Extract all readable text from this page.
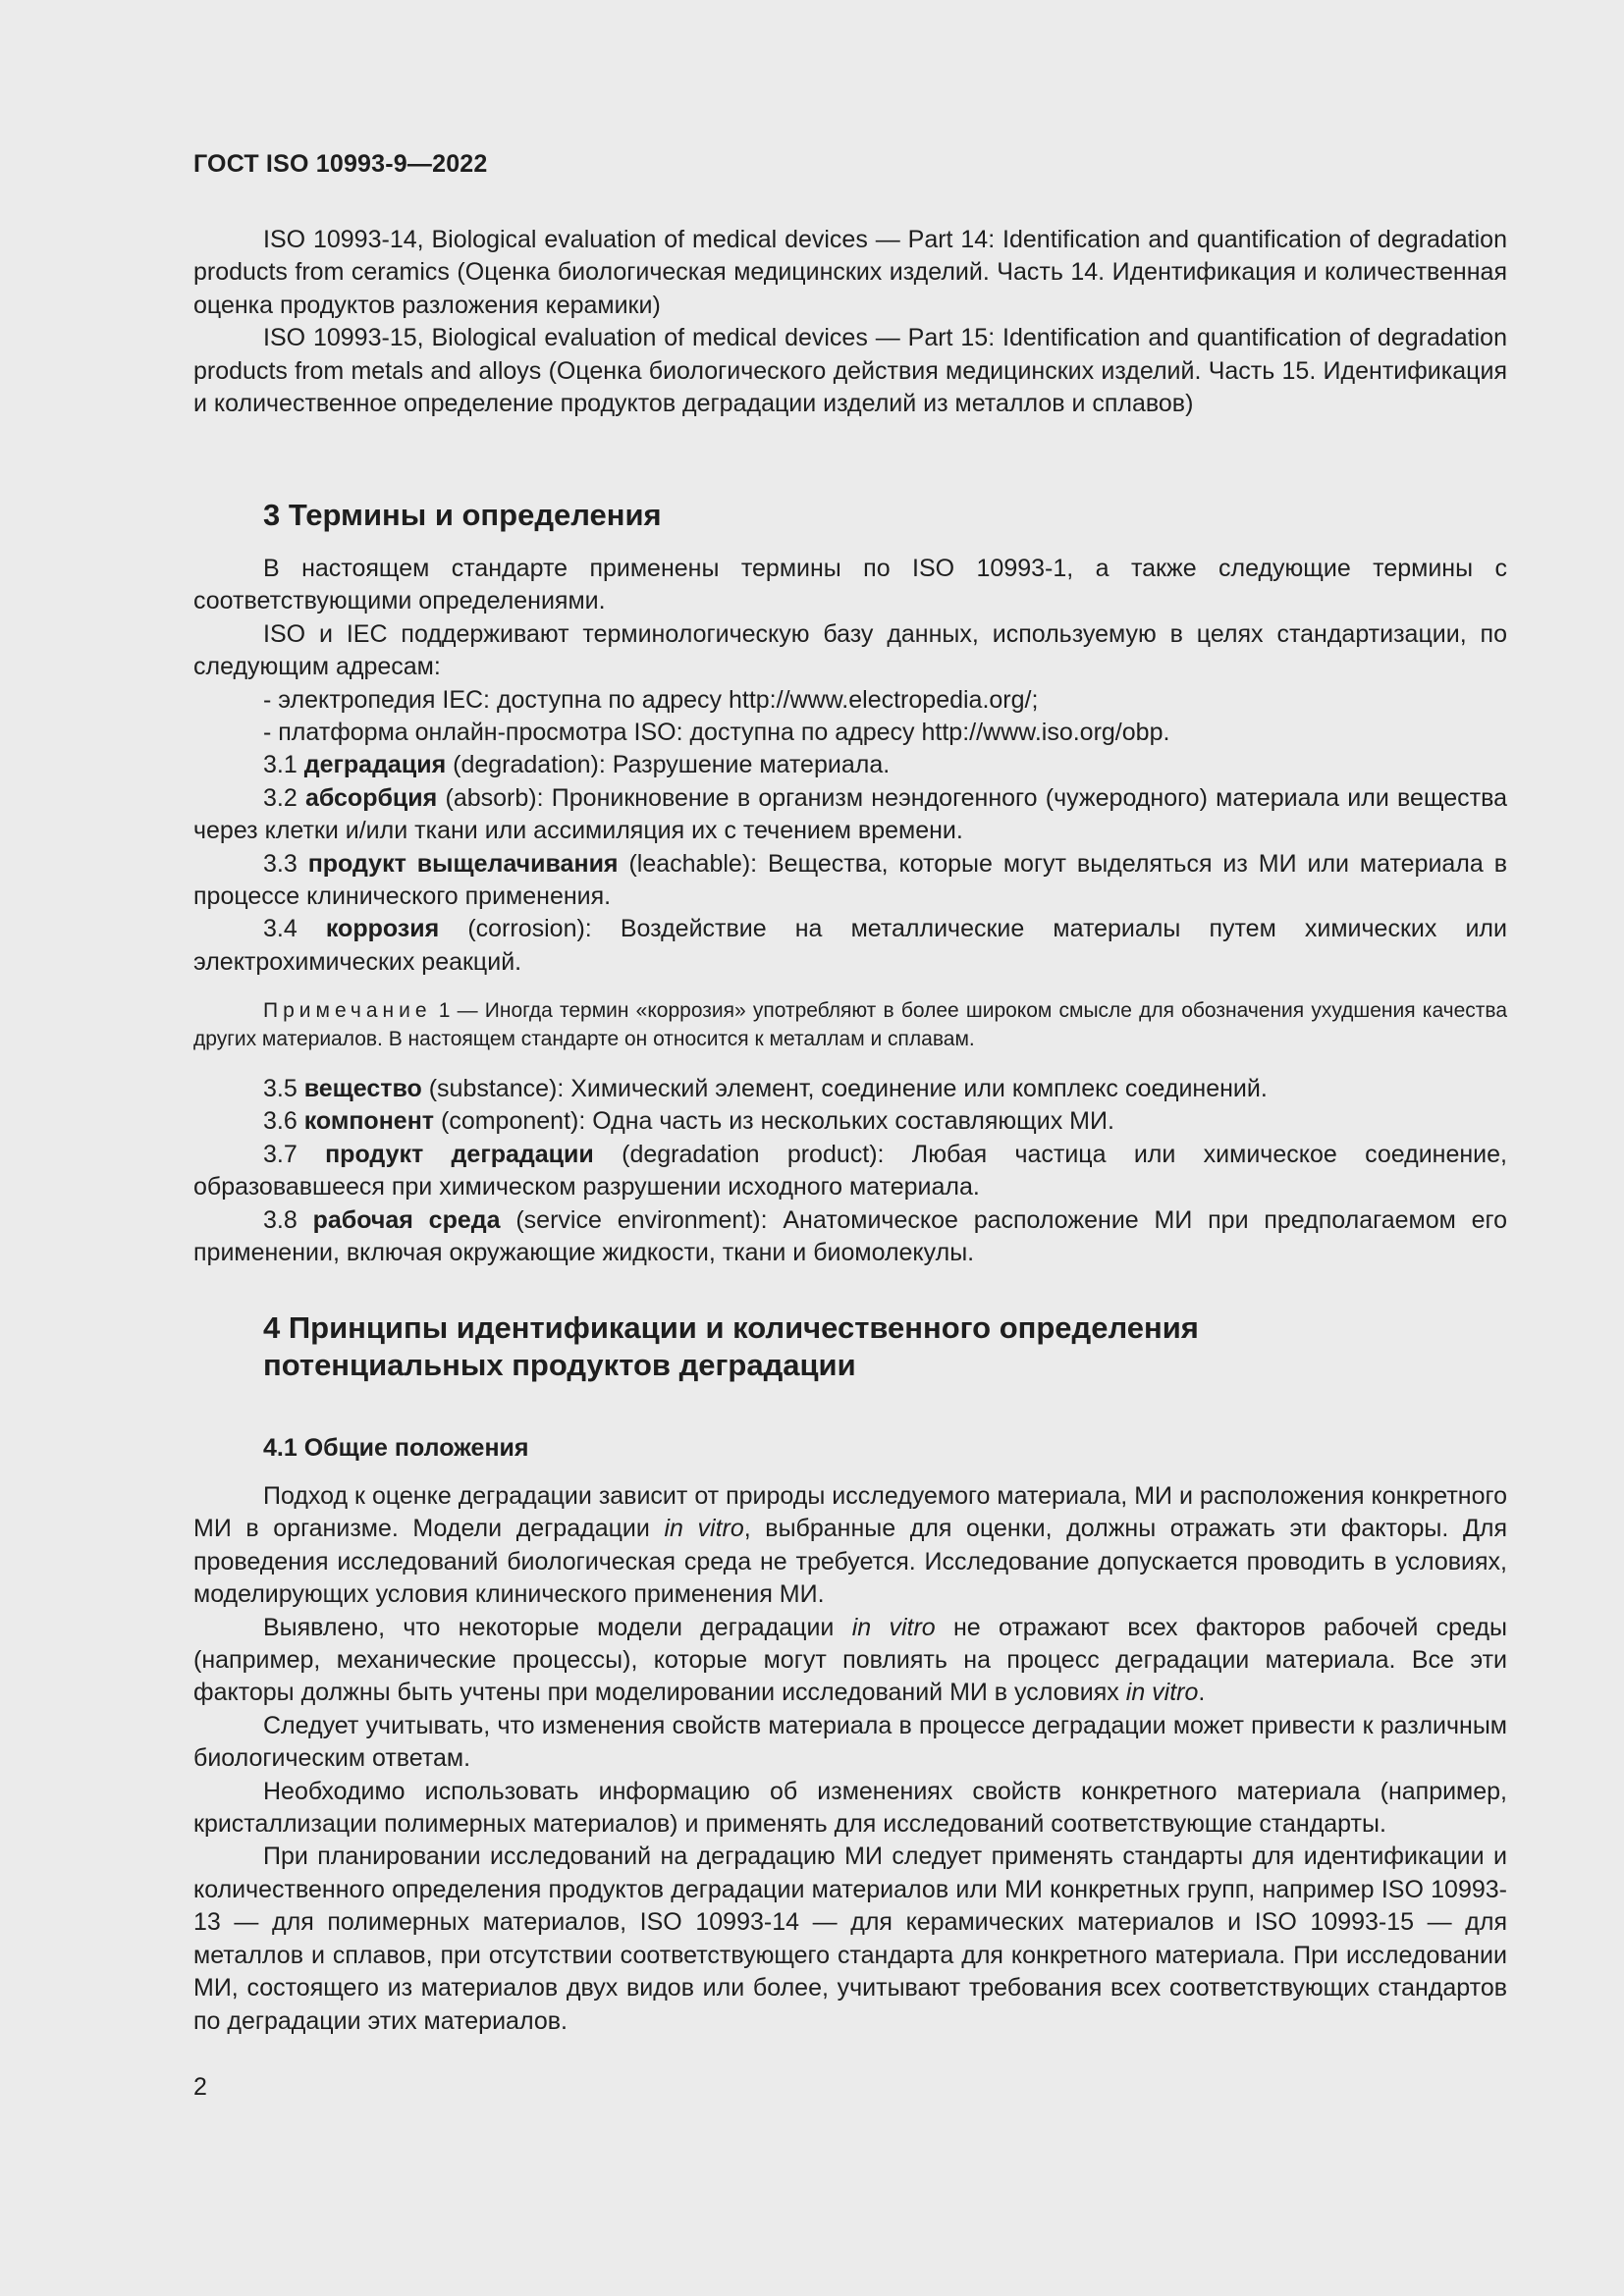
ГОСТ ISO 10993-9—2022

ISO 10993-14, Biological evaluation of medical devices — Part 14: Identification and quantification of degradation products from ceramics (Оценка биологическая медицинских изделий. Часть 14. Идентификация и количественная оценка продуктов разложения керамики)

ISO 10993-15, Biological evaluation of medical devices — Part 15: Identification and quantification of degradation products from metals and alloys (Оценка биологического действия медицинских изделий. Часть 15. Идентификация и количественное определение продуктов деградации изделий из металлов и сплавов)

3 Термины и определения

В настоящем стандарте применены термины по ISO 10993-1, а также следующие термины с соответствующими определениями.

ISO и IEC поддерживают терминологическую базу данных, используемую в целях стандартизации, по следующим адресам:

- электропедия IEC: доступна по адресу http://www.electropedia.org/;

- платформа онлайн-просмотра ISO: доступна по адресу http://www.iso.org/obp.

3.1 деградация (degradation): Разрушение материала.

3.2 абсорбция (absorb): Проникновение в организм неэндогенного (чужеродного) материала или вещества через клетки и/или ткани или ассимиляция их с течением времени.

3.3 продукт выщелачивания (leachable): Вещества, которые могут выделяться из МИ или материала в процессе клинического применения.

3.4 коррозия (corrosion): Воздействие на металлические материалы путем химических или электрохимических реакций.

Примечание 1 — Иногда термин «коррозия» употребляют в более широком смысле для обозначения ухудшения качества других материалов. В настоящем стандарте он относится к металлам и сплавам.

3.5 вещество (substance): Химический элемент, соединение или комплекс соединений.

3.6 компонент (component): Одна часть из нескольких составляющих МИ.

3.7 продукт деградации (degradation product): Любая частица или химическое соединение, образовавшееся при химическом разрушении исходного материала.

3.8 рабочая среда (service environment): Анатомическое расположение МИ при предполагаемом его применении, включая окружающие жидкости, ткани и биомолекулы.

4 Принципы идентификации и количественного определения
потенциальных продуктов деградации
4.1 Общие положения

Подход к оценке деградации зависит от природы исследуемого материала, МИ и расположения конкретного МИ в организме. Модели деградации in vitro, выбранные для оценки, должны отражать эти факторы. Для проведения исследований биологическая среда не требуется. Исследование допускается проводить в условиях, моделирующих условия клинического применения МИ.

Выявлено, что некоторые модели деградации in vitro не отражают всех факторов рабочей среды (например, механические процессы), которые могут повлиять на процесс деградации материала. Все эти факторы должны быть учтены при моделировании исследований МИ в условиях in vitro.

Следует учитывать, что изменения свойств материала в процессе деградации может привести к различным биологическим ответам.

Необходимо использовать информацию об изменениях свойств конкретного материала (например, кристаллизации полимерных материалов) и применять для исследований соответствующие стандарты.

При планировании исследований на деградацию МИ следует применять стандарты для идентификации и количественного определения продуктов деградации материалов или МИ конкретных групп, например ISO 10993-13 — для полимерных материалов, ISO 10993-14 — для керамических материалов и ISO 10993-15 — для металлов и сплавов, при отсутствии соответствующего стандарта для конкретного материала. При исследовании МИ, состоящего из материалов двух видов или более, учитывают требования всех соответствующих стандартов по деградации этих материалов.

2
